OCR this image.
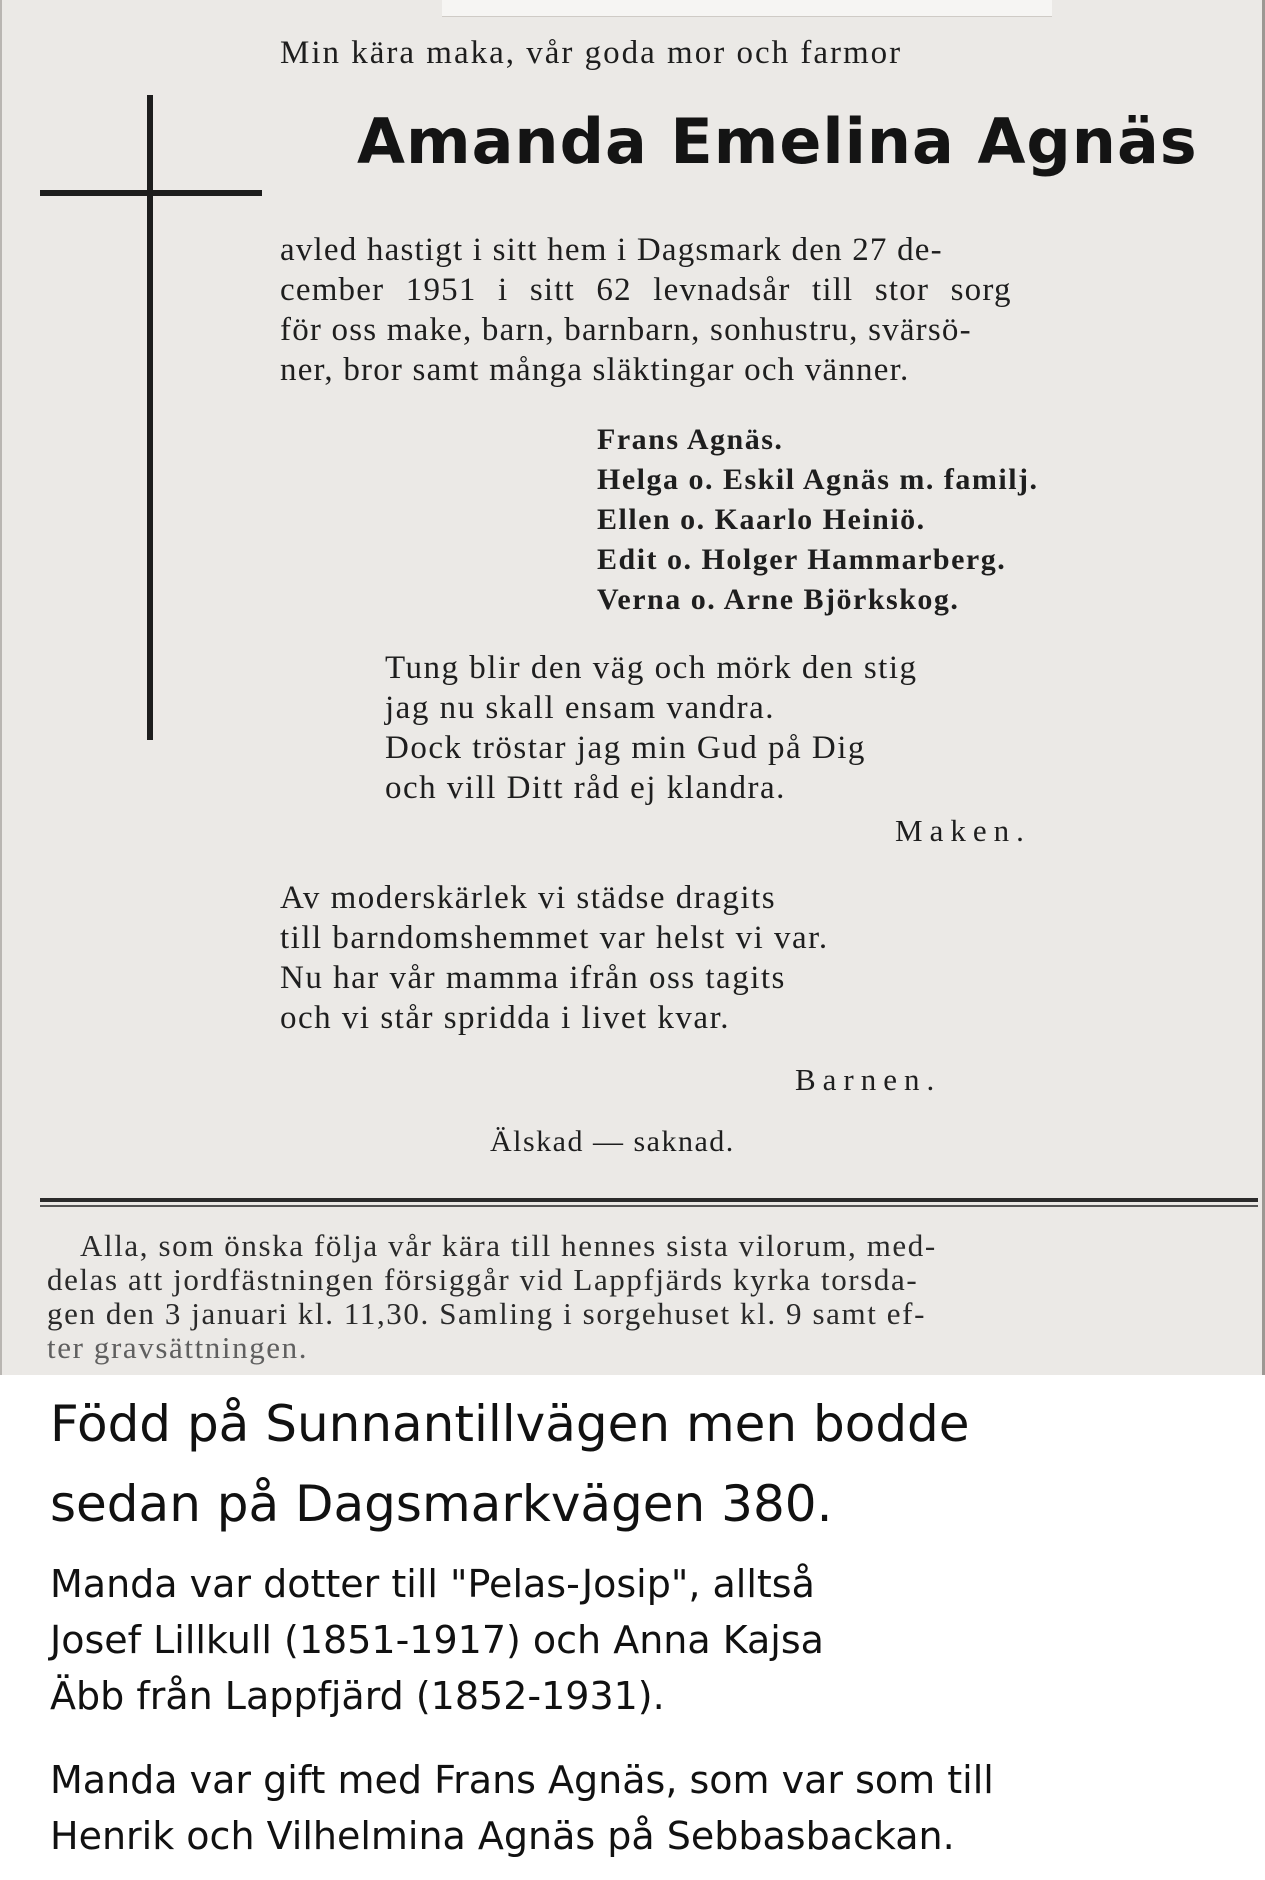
Min kära maka, vår goda mor och farmor

Amanda Emelina Agnäs

avled hastigt i sitt hem i Dagsmark den 27 de-

cember 1951 i sitt 62 levnadsår till stor sorg

för oss make, barn, barnbarn, sonhustru, svärsö-

ner, bror samt många släktingar och vänner.

Frans Agnäs.

Helga o. Eskil Agnäs m. familj.

Ellen o. Kaarlo Heiniö.

Edit o. Holger Hammarberg.

Verna o. Arne Björkskog.

Tung blir den väg och mörk den stig

jag nu skall ensam vandra.

Dock tröstar jag min Gud på Dig

och vill Ditt råd ej klandra.

Maken.

Av moderskärlek vi städse dragits

till barndomshemmet var helst vi var.

Nu har vår mamma ifrån oss tagits

och vi står spridda i livet kvar.

Barnen.

Älskad — saknad.

Alla, som önska följa vår kära till hennes sista vilorum, med-

delas att jordfästningen försiggår vid Lappfjärds kyrka torsda-

gen den 3 januari kl. 11,30. Samling i sorgehuset kl. 9 samt ef-

ter gravsättningen.

Född på Sunnantillvägen men bodde

sedan på Dagsmarkvägen 380.

Manda var dotter till "Pelas-Josip", alltså

Josef Lillkull (1851-1917) och Anna Kajsa

Äbb från Lappfjärd (1852-1931).

Manda var gift med Frans Agnäs, som var som till

Henrik och Vilhelmina Agnäs på Sebbasbackan.
